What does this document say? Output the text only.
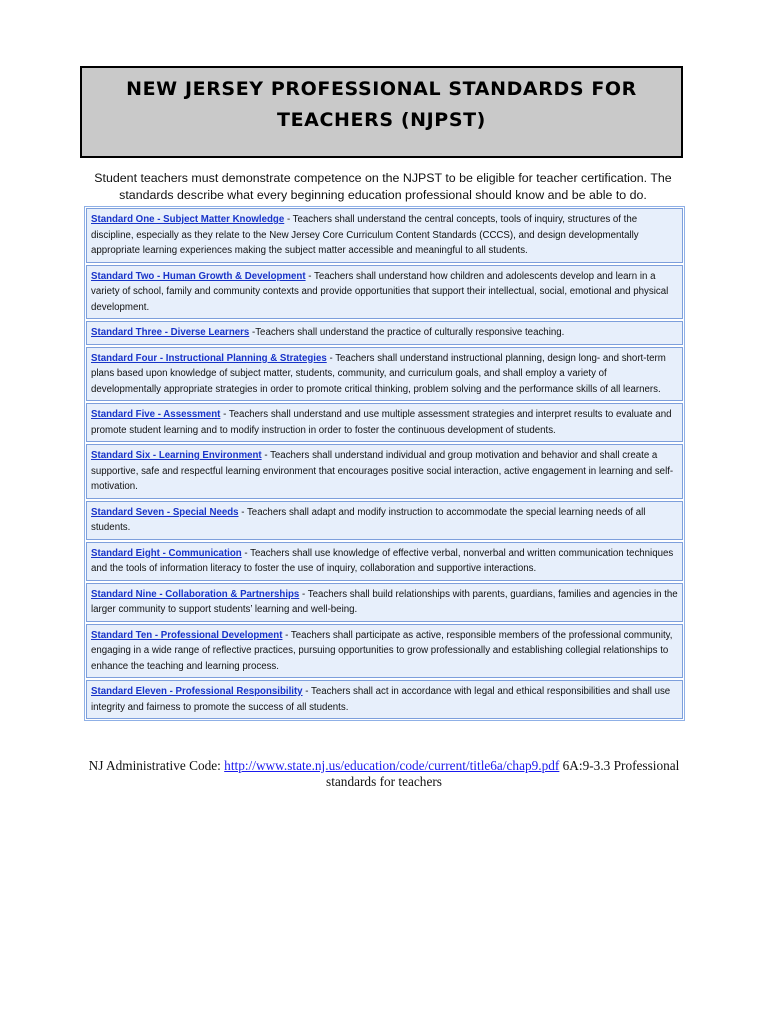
NEW JERSEY PROFESSIONAL STANDARDS FOR
TEACHERS (NJPST)

Student teachers must demonstrate competence on the NJPST to be eligible for teacher certification. The
standards describe what every beginning education professional should know and be able to do.

Standard One - Subject Matter Knowledge - Teachers shall understand the central concepts, tools of inquiry, structures of the discipline, especially as they relate to the New Jersey Core Curriculum Content Standards (CCCS), and design developmentally appropriate learning experiences making the subject matter accessible and meaningful to all students.
Standard Two - Human Growth & Development - Teachers shall understand how children and adolescents develop and learn in a variety of school, family and community contexts and provide opportunities that support their intellectual, social, emotional and physical development.
Standard Three - Diverse Learners -Teachers shall understand the practice of culturally responsive teaching.
Standard Four - Instructional Planning & Strategies - Teachers shall understand instructional planning, design long- and short-term plans based upon knowledge of subject matter, students, community, and curriculum goals, and shall employ a variety of developmentally appropriate strategies in order to promote critical thinking, problem solving and the performance skills of all learners.
Standard Five - Assessment - Teachers shall understand and use multiple assessment strategies and interpret results to evaluate and promote student learning and to modify instruction in order to foster the continuous development of students.
Standard Six - Learning Environment - Teachers shall understand individual and group motivation and behavior and shall create a supportive, safe and respectful learning environment that encourages positive social interaction, active engagement in learning and self-motivation.
Standard Seven - Special Needs - Teachers shall adapt and modify instruction to accommodate the special learning needs of all students.
Standard Eight - Communication - Teachers shall use knowledge of effective verbal, nonverbal and written communication techniques and the tools of information literacy to foster the use of inquiry, collaboration and supportive interactions.
Standard Nine - Collaboration & Partnerships - Teachers shall build relationships with parents, guardians, families and agencies in the larger community to support students’ learning and well-being.
Standard Ten - Professional Development - Teachers shall participate as active, responsible members of the professional community, engaging in a wide range of reflective practices, pursuing opportunities to grow professionally and establishing collegial relationships to enhance the teaching and learning process.
Standard Eleven - Professional Responsibility - Teachers shall act in accordance with legal and ethical responsibilities and shall use integrity and fairness to promote the success of all students.

NJ Administrative Code: http://www.state.nj.us/education/code/current/title6a/chap9.pdf 6A:9-3.3 Professional standards for teachers
